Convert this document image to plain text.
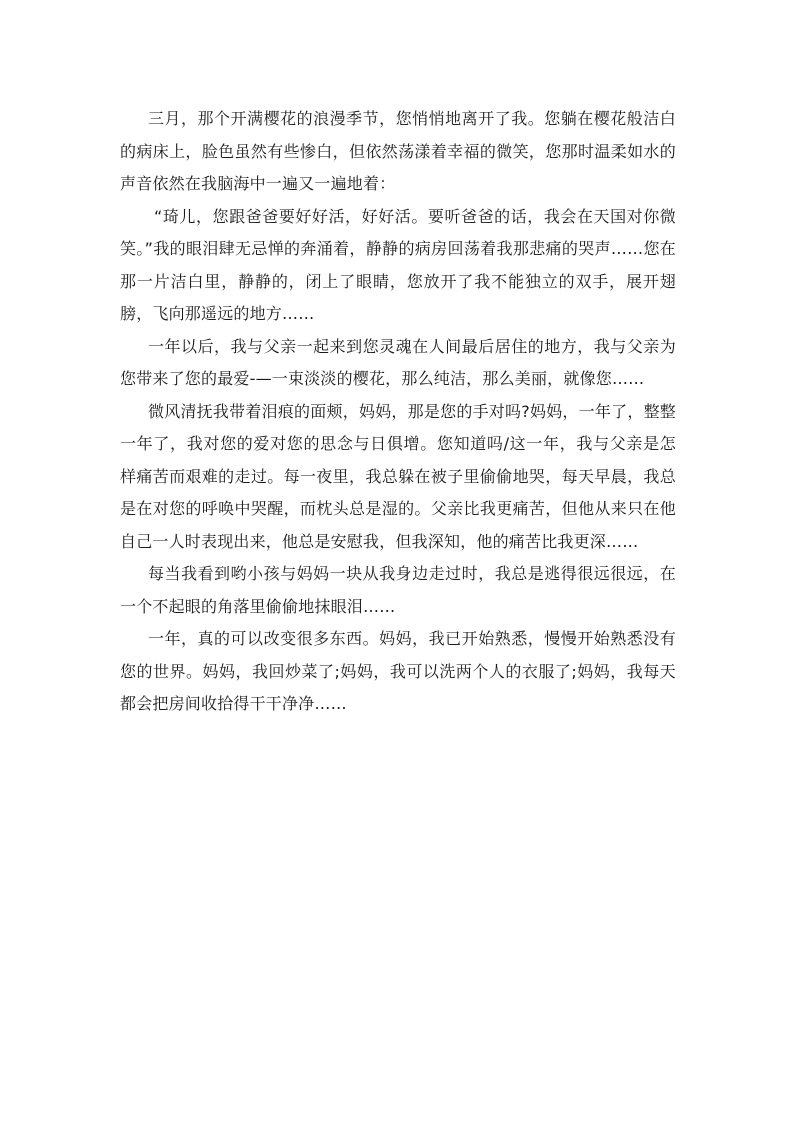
三月，那个开满樱花的浪漫季节，您悄悄地离开了我。您躺在樱花般洁白的病床上，脸色虽然有些惨白，但依然荡漾着幸福的微笑，您那时温柔如水的声音依然在我脑海中一遍又一遍地着：

“琦儿，您跟爸爸要好好活，好好活。要听爸爸的话，我会在天国对你微笑。”我的眼泪肆无忌惮的奔涌着，静静的病房回荡着我那悲痛的哭声……您在那一片洁白里，静静的，闭上了眼睛，您放开了我不能独立的双手，展开翅膀，飞向那遥远的地方……

一年以后，我与父亲一起来到您灵魂在人间最后居住的地方，我与父亲为您带来了您的最爱-—一束淡淡的樱花，那么纯洁，那么美丽，就像您……

微风清抚我带着泪痕的面颊，妈妈，那是您的手对吗?妈妈，一年了，整整一年了，我对您的爱对您的思念与日俱增。您知道吗/这一年，我与父亲是怎样痛苦而艰难的走过。每一夜里，我总躲在被子里偷偷地哭，每天早晨，我总是在对您的呼唤中哭醒，而枕头总是湿的。父亲比我更痛苦，但他从来只在他自己一人时表现出来，他总是安慰我，但我深知，他的痛苦比我更深……

每当我看到哟小孩与妈妈一块从我身边走过时，我总是逃得很远很远，在一个不起眼的角落里偷偷地抹眼泪……

一年，真的可以改变很多东西。妈妈，我已开始熟悉，慢慢开始熟悉没有您的世界。妈妈，我回炒菜了;妈妈，我可以洗两个人的衣服了;妈妈，我每天都会把房间收拾得干干净净……
